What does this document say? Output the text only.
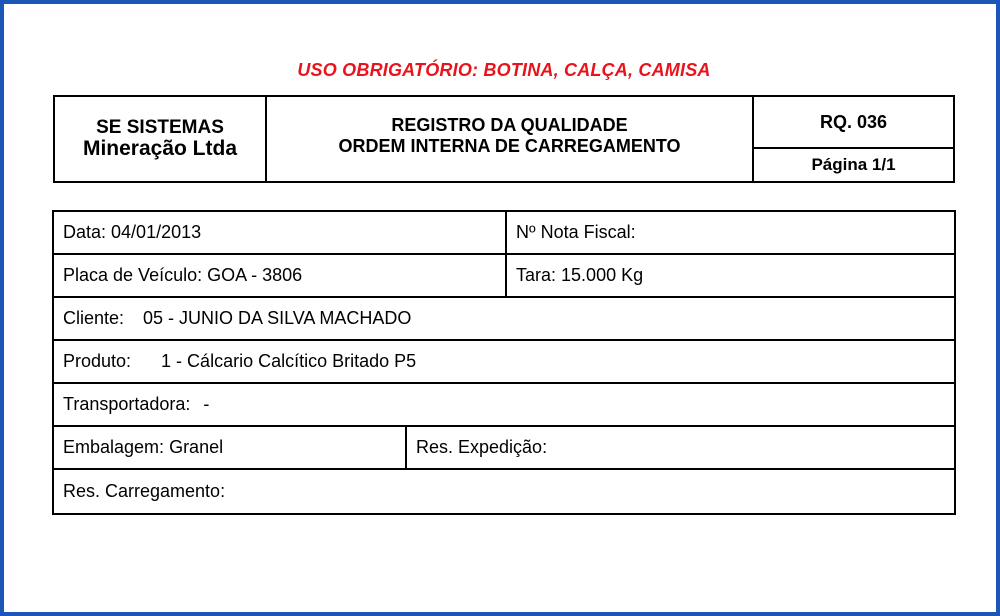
USO OBRIGATÓRIO: BOTINA, CALÇA, CAMISA
SE SISTEMAS
Mineração Ltda
REGISTRO DA QUALIDADE
ORDEM INTERNA DE CARREGAMENTO
RQ. 036
Página 1/1
Data: 04/01/2013	Nº Nota Fiscal:
Placa de Veículo: GOA - 3806	Tara: 15.000 Kg
Cliente: 05 - JUNIO DA SILVA MACHADO
Produto: 1 - Cálcario Calcítico Britado P5
Transportadora: -
Embalagem: Granel	Res. Expedição:
Res. Carregamento:
